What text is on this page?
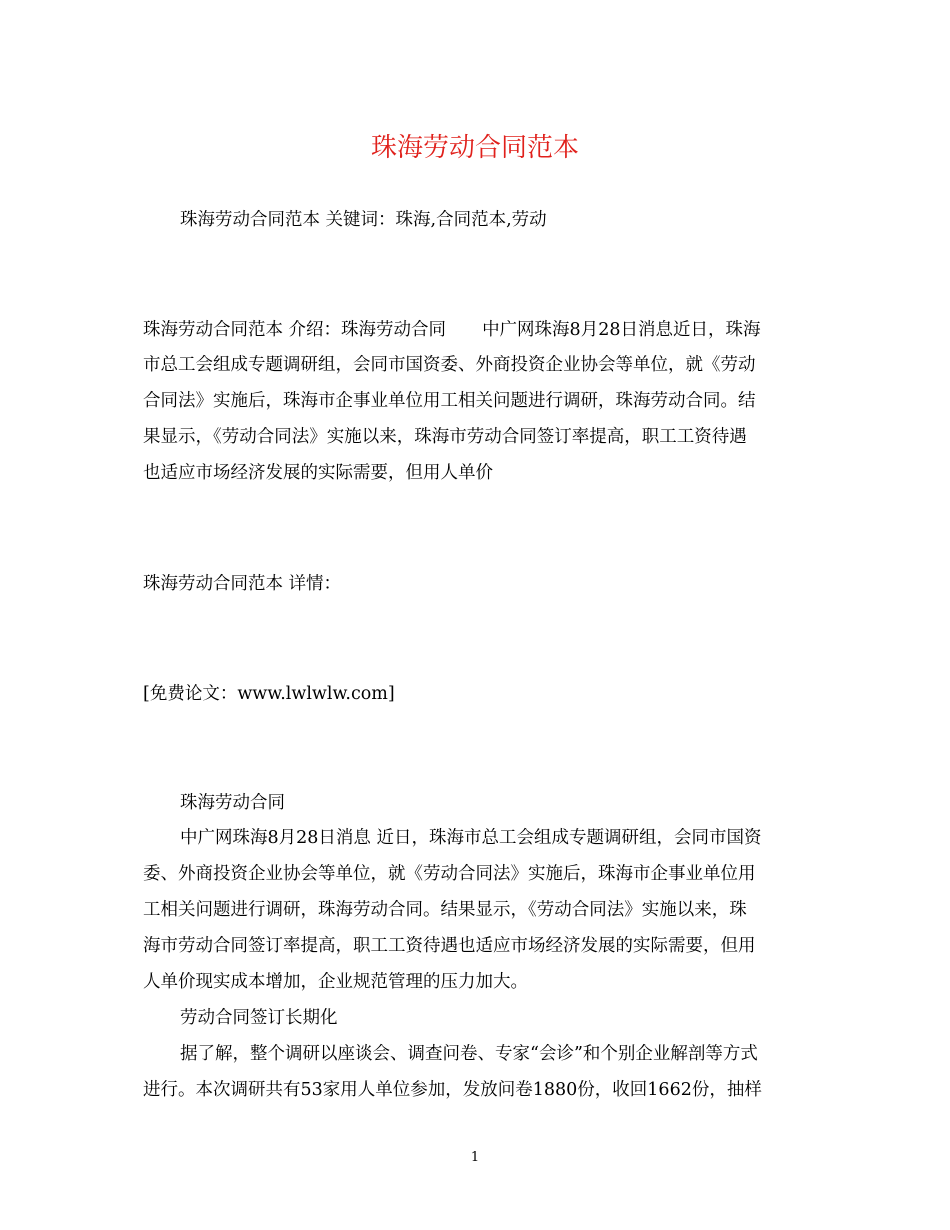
珠海劳动合同范本
珠海劳动合同范本 关键词：珠海,合同范本,劳动
珠海劳动合同范本 介绍：珠海劳动合同 中广网珠海8月28日消息近日，珠海
市总工会组成专题调研组，会同市国资委、外商投资企业协会等单位，就《劳动
合同法》实施后，珠海市企事业单位用工相关问题进行调研，珠海劳动合同。结
果显示，《劳动合同法》实施以来，珠海市劳动合同签订率提高，职工工资待遇
也适应市场经济发展的实际需要，但用人单价
珠海劳动合同范本 详情：
[免费论文：www.lwlwlw.com]
珠海劳动合同
中广网珠海8月28日消息 近日，珠海市总工会组成专题调研组，会同市国资
委、外商投资企业协会等单位，就《劳动合同法》实施后，珠海市企事业单位用
工相关问题进行调研，珠海劳动合同。结果显示，《劳动合同法》实施以来，珠
海市劳动合同签订率提高，职工工资待遇也适应市场经济发展的实际需要，但用
人单价现实成本增加，企业规范管理的压力加大。
劳动合同签订长期化
据了解，整个调研以座谈会、调查问卷、专家“会诊”和个别企业解剖等方式
进行。本次调研共有53家用人单位参加，发放问卷1880份，收回1662份，抽样
1
